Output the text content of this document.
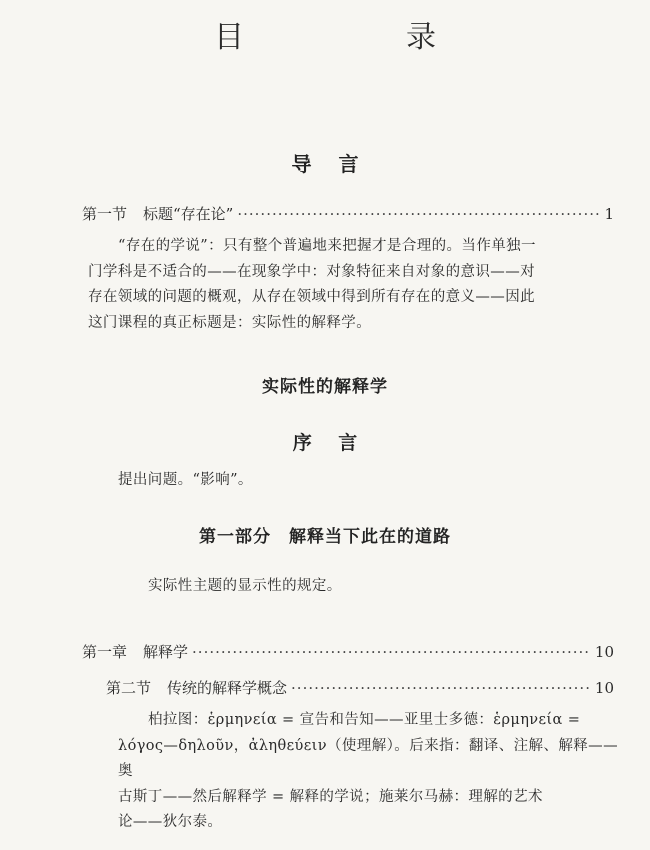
目　　录
导 言
第一节 标题“存在论” ·····	1

“存在的学说”：只有整个普遍地来把握才是合理的。当作单独一

门学科是不适合的——在现象学中：对象特征来自对象的意识——对

存在领域的问题的概观，从存在领域中得到所有存在的意义——因此

这门课程的真正标题是：实际性的解释学。

实际性的解释学
序 言
提出问题。“影响”。
第一部分　解释当下此在的道路
实际性主题的显示性的规定。
第一章 解释学 ·····	10
第二节 传统的解释学概念 ·····	10

柏拉图：ἑρμηνεία = 宣告和告知——亚里士多德：ἑρμηνεία =

λόγος—δηλοῦν，ἀληθεύειν（使理解）。后来指：翻译、注解、解释——奥

古斯丁——然后解释学 = 解释的学说；施莱尔马赫：理解的艺术

论——狄尔泰。
